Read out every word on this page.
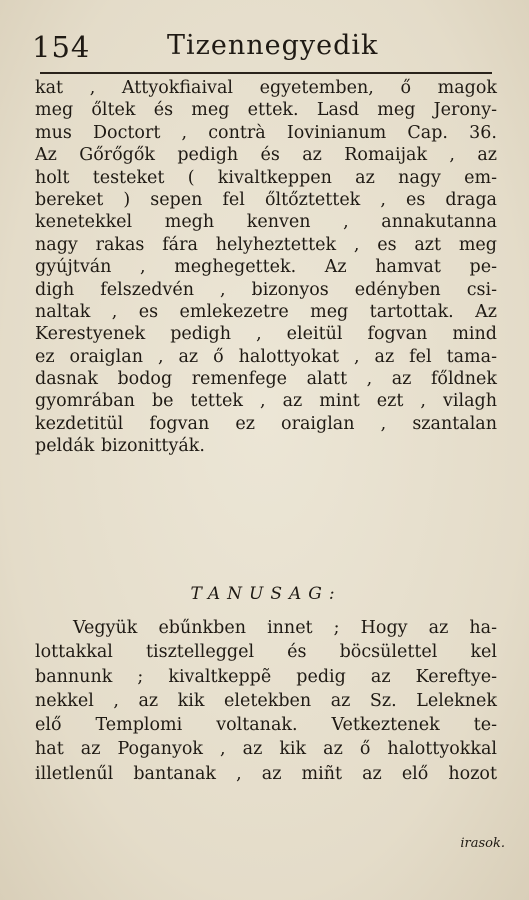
154	Tizennegyedik
kat , Attyokfiaival egyetemben, ő magok
meg őltek és meg ettek. Lasd meg Jerony-
mus Doctort , contrà Iovinianum Cap. 36.
Az Gőrőgők pedigh és az Romaijak , az
holt testeket ( kivaltkeppen az nagy em-
bereket ) sepen fel őltőztettek , es draga
kenetekkel megh kenven , annakutanna
nagy rakas fára helyheztettek , es azt meg
gyújtván , meghegettek. Az hamvat pe-
digh felszedvén , bizonyos edényben csi-
naltak , es emlekezetre meg tartottak. Az
Kerestyenek pedigh , eleitül fogvan mind
ez oraiglan , az ő halottyokat , az fel tama-
dasnak bodog remenfege alatt , az főldnek
gyomrában be tettek , az mint ezt , vilagh
kezdetitül fogvan ez oraiglan , szantalan
peldák bizonittyák.
TANUSAG:
Vegyük ebűnkben innet ; Hogy az ha-
lottakkal tisztelleggel és böcsülettel kel
bannunk ; kivaltkeppẽ pedig az Kereftye-
nekkel , az kik eletekben az Sz. Leleknek
elő Templomi voltanak. Vetkeztenek te-
hat az Poganyok , az kik az ő halottyokkal
illetlenűl bantanak , az miñt az elő hozot
irasok.
